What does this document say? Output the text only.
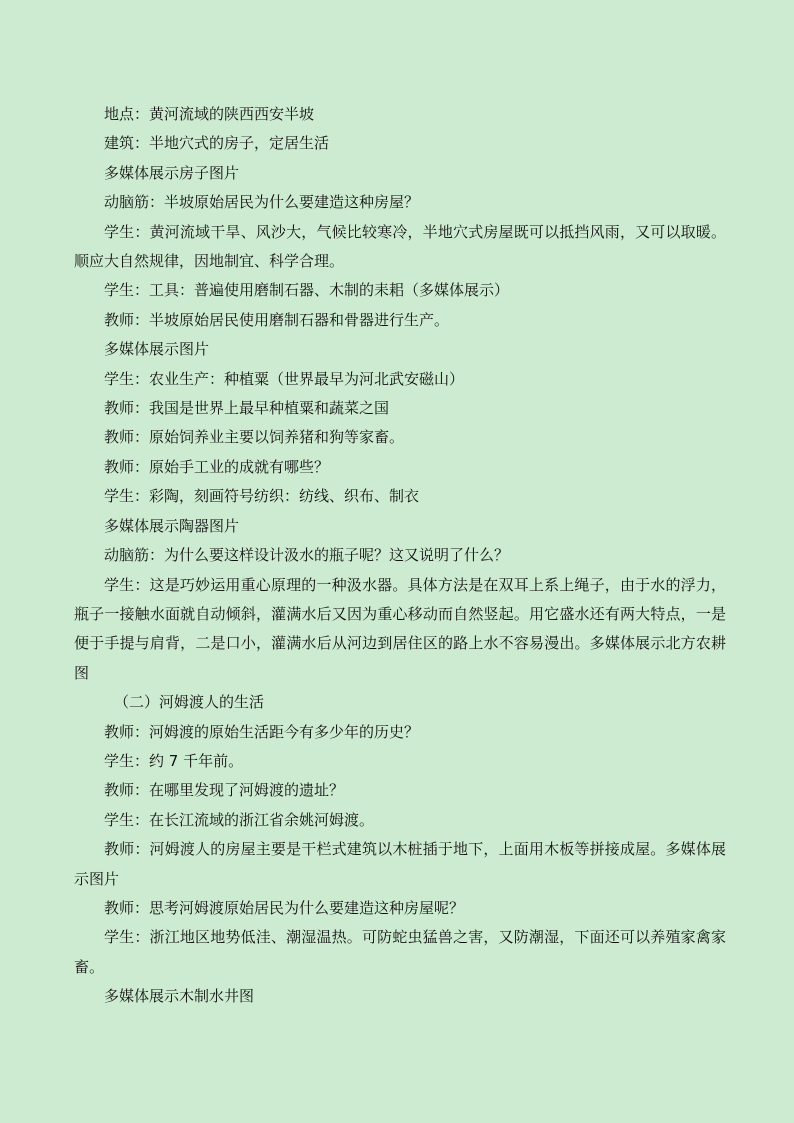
地点：黄河流域的陕西西安半坡

建筑：半地穴式的房子，定居生活

多媒体展示房子图片

动脑筋：半坡原始居民为什么要建造这种房屋？

学生：黄河流域干旱、风沙大，气候比较寒冷，半地穴式房屋既可以抵挡风雨，又可以取暖。顺应大自然规律，因地制宜、科学合理。

学生：工具：普遍使用磨制石器、木制的耒耜（多媒体展示）

教师：半坡原始居民使用磨制石器和骨器进行生产。

多媒体展示图片

学生：农业生产：种植粟（世界最早为河北武安磁山）

教师：我国是世界上最早种植粟和蔬菜之国

教师：原始饲养业主要以饲养猪和狗等家畜。

教师：原始手工业的成就有哪些？

学生：彩陶，刻画符号纺织：纺线、织布、制衣

多媒体展示陶器图片

动脑筋：为什么要这样设计汲水的瓶子呢？这又说明了什么？

学生：这是巧妙运用重心原理的一种汲水器。具体方法是在双耳上系上绳子，由于水的浮力，瓶子一接触水面就自动倾斜，灌满水后又因为重心移动而自然竖起。用它盛水还有两大特点，一是便于手提与肩背，二是口小，灌满水后从河边到居住区的路上水不容易漫出。多媒体展示北方农耕图

（二）河姆渡人的生活

教师：河姆渡的原始生活距今有多少年的历史？

学生：约 7 千年前。

教师：在哪里发现了河姆渡的遗址？

学生：在长江流域的浙江省余姚河姆渡。

教师：河姆渡人的房屋主要是干栏式建筑以木桩插于地下，上面用木板等拼接成屋。多媒体展示图片

教师：思考河姆渡原始居民为什么要建造这种房屋呢？

学生：浙江地区地势低洼、潮湿温热。可防蛇虫猛兽之害，又防潮湿，下面还可以养殖家禽家畜。

多媒体展示木制水井图
